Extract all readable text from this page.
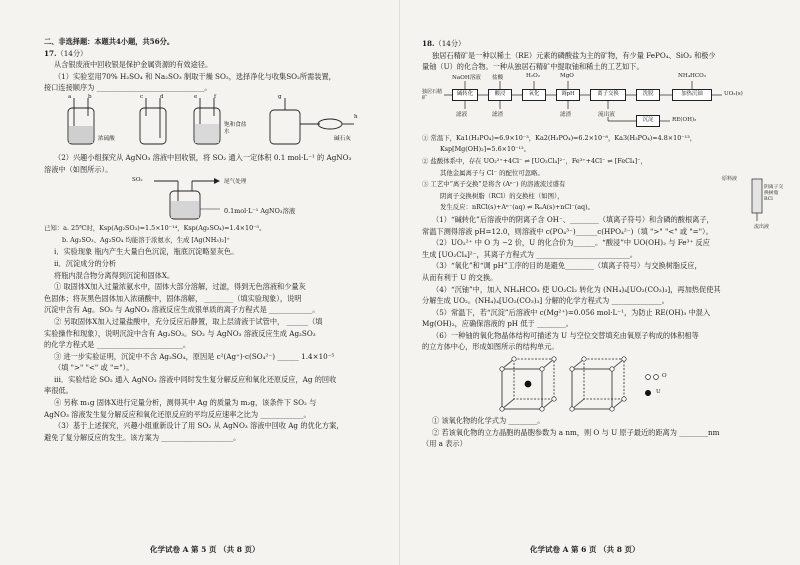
二、非选择题：本题共4小题，共56分。
17.（14分）
从含银废液中回收银是保护金属资源的有效途径。
（1）实验室用70% H₂SO₄ 和 Na₂SO₃ 制取干燥 SO₂，选择净化与收集SO₂所需装置，
接口连接顺序为 ______________________________。
a	b	c	d	e	f	g
h
浓硫酸
饱和食盐水
碱石灰
（2）兴趣小组探究从 AgNO₃ 溶液中回收银，将 SO₂ 通入一定体积 0.1 mol·L⁻¹ 的 AgNO₃
溶液中（如图所示）。
SO₂	尾气处理
0.1mol·L⁻¹ AgNO₃溶液
已知：a. 25℃时，Ksp(Ag₂SO₃)=1.5×10⁻¹⁴，Ksp(Ag₂SO₄)=1.4×10⁻⁵。
b. Ag₂SO₃、Ag₂SO₄ 均能溶于浓氨水，生成 [Ag(NH₃)₂]⁺
i．实验现象 瓶内产生大量白色沉淀，瓶底沉淀略显灰色。
ii．沉淀成分的分析
将瓶内混合物分离得到沉淀和固体X。
① 取固体X加入过量浓氨水中，固体大部分溶解，过滤，得到无色溶液和少量灰
色固体；将灰黑色固体加入浓硝酸中，固体溶解， ________（填实验现象），说明
沉淀中含有 Ag。SO₂ 与 AgNO₃ 溶液反应生成银单质的离子方程式是 ____________。
② 另取固体X加入过量盐酸中，充分反应后静置，取上层清液于试管中， ______（填
实验操作和现象），说明沉淀中含有 Ag₂SO₃。SO₂ 与 AgNO₃ 溶液反应生成 Ag₂SO₃
的化学方程式是 ________________________。
③ 进一步实验证明，沉淀中不含 Ag₂SO₄，原因是 c²(Ag⁺)·c(SO₄²⁻) ______ 1.4×10⁻⁵
（填 ">" "<" 或 "="）。
iii．实验结论 SO₂ 通入 AgNO₃ 溶液中同时发生复分解反应和氧化还原反应，Ag 的回收
率很低。
④ 另称 m₁g 固体X进行定量分析，测得其中 Ag 的质量为 m₂g，该条件下 SO₂ 与
AgNO₃ 溶液发生复分解反应和氧化还原反应的平均反应速率之比为 ____________。
（3）基于上述探究，兴趣小组重新设计了用 SO₂ 从 AgNO₃ 溶液中回收 Ag 的优化方案，
避免了复分解反应的发生。该方案为 ____________________。
化学试卷 A 第 5 页 （共 8 页）
18.（14分）
独居石精矿是一种以稀土（RE）元素的磷酸盐为主的矿物，有少量 FePO₄、SiO₂ 和极少
量铀（U）的化合物。一种从独居石精矿中提取铀和稀土的工艺如下。
NaOH溶液 盐酸	H₂O₂	MgO	NH₄HCO₃
独居石精矿
碱转化	酸浸	氧化	调pH	离子交换	洗脱	加热沉铀	UO₂(s)
滤液	滤渣	滤渣	流出液
沉淀	RE(OH)₃
① 常温下，Ka1(H₃PO₄)=6.9×10⁻³，Ka2(H₃PO₄)=6.2×10⁻⁸，Ka3(H₃PO₄)=4.8×10⁻¹³，
Ksp[Mg(OH)₂]=5.6×10⁻¹²。
② 盐酸体系中，存在 UO₂²⁺+4Cl⁻ ⇌ [UO₂Cl₄]²⁻，Fe³⁺+4Cl⁻ ⇌ [FeCl₄]⁻，
其他金属离子与 Cl⁻ 的配位可忽略。
③ 工艺中“离子交换”是将含 (Aⁿ⁻) 的溶液流过盛有
阴离子交换树脂（RCl）的交换柱（如图），
发生反应：nRCl(s)+Aⁿ⁻(aq) ⇌ RₙA(s)+nCl⁻(aq)。
原料液
阴离子交换树脂RCl
流出液
（1）“碱转化”后溶液中的阴离子含 OH⁻、________（填离子符号）和含磷的酸根离子，
常温下测得溶液 pH=12.0，则溶液中 c(PO₄³⁻)______c(HPO₄²⁻)（填 ">" "<" 或 "="）。
（2）UO₂²⁺ 中 O 为 −2 价，U 的化合价为______。“酸浸”中 UO(OH)₂ 与 Fe³⁺ 反应
生成 [UO₂Cl₄]²⁻，其离子方程式为 __________________________。
（3）“氧化”和“调 pH”工序的目的是避免________（填离子符号）与交换树脂反应，
从而有利于 U 的交换。
（4）“沉铀”中，加入 NH₄HCO₃ 使 UO₂Cl₂ 转化为 (NH₄)₄[UO₂(CO₃)₃]，再加热促使其
分解生成 UO₂。(NH₄)₄[UO₂(CO₃)₃] 分解的化学方程式为 ______________。
（5）常温下，若“沉淀”后溶液中 c(Mg²⁺)=0.056 mol·L⁻¹，为防止 RE(OH)₃ 中混入
Mg(OH)₂，应确保溶液的 pH 低于 ________。
（6）一种铀的氧化物晶体结构可描述为 U 与空位交替填充由氧原子构成的体积相等
的立方体中心，形成如图所示的结构单元。
O
U
① 该氧化物的化学式为 ________。
② 若该氧化物的立方晶胞的晶胞参数为 a nm，则 O 与 U 原子最近的距离为 ________nm
（用 a 表示）
化学试卷 A 第 6 页 （共 8 页）
